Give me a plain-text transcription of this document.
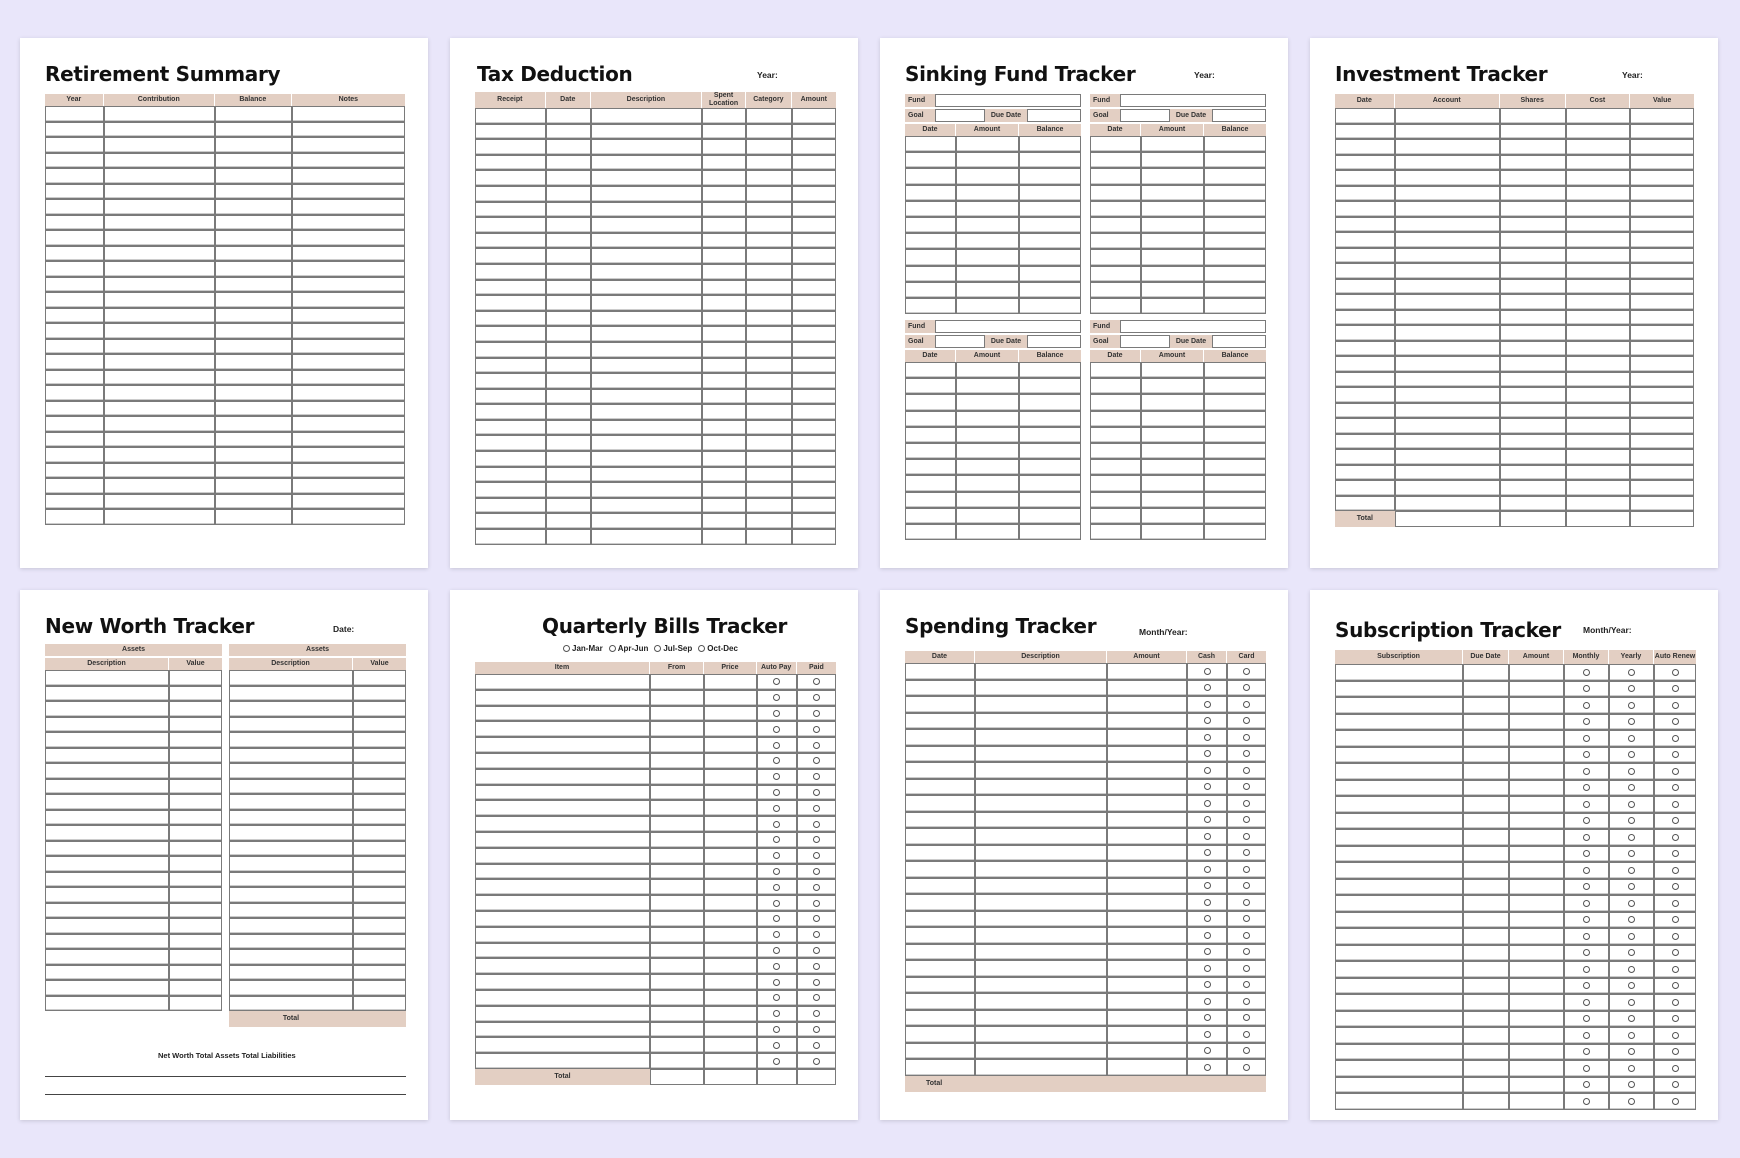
Retirement Summary
Year	Contribution	Balance	Notes

Tax Deduction	Year:
Receipt	Date	Description	Spent Location	Category	Amount

Sinking Fund Tracker	Year:
Fund
Goal	Due Date
Date	Amount	Balance

Fund
Goal	Due Date
Date	Amount	Balance

Fund
Goal	Due Date
Date	Amount	Balance

Fund
Goal	Due Date
Date	Amount	Balance

Investment Tracker	Year:
Date	Account	Shares	Cost	Value

Total				
New Worth Tracker	Date:
Assets	
Description	Value

Assets	
Description	Value

Total	
Net Worth Total Assets Total Liabilities
Quarterly Bills Tracker
Jan-Mar Apr-Jun Jul-Sep Oct-Dec
Item	From	Price	Auto Pay	Paid

Total				
Spending Tracker	Month/Year:
Date	Description	Amount	Cash	Card

Total				
Subscription Tracker	Month/Year:
Subscription	Due Date	Amount	Monthly	Yearly	Auto Renew
